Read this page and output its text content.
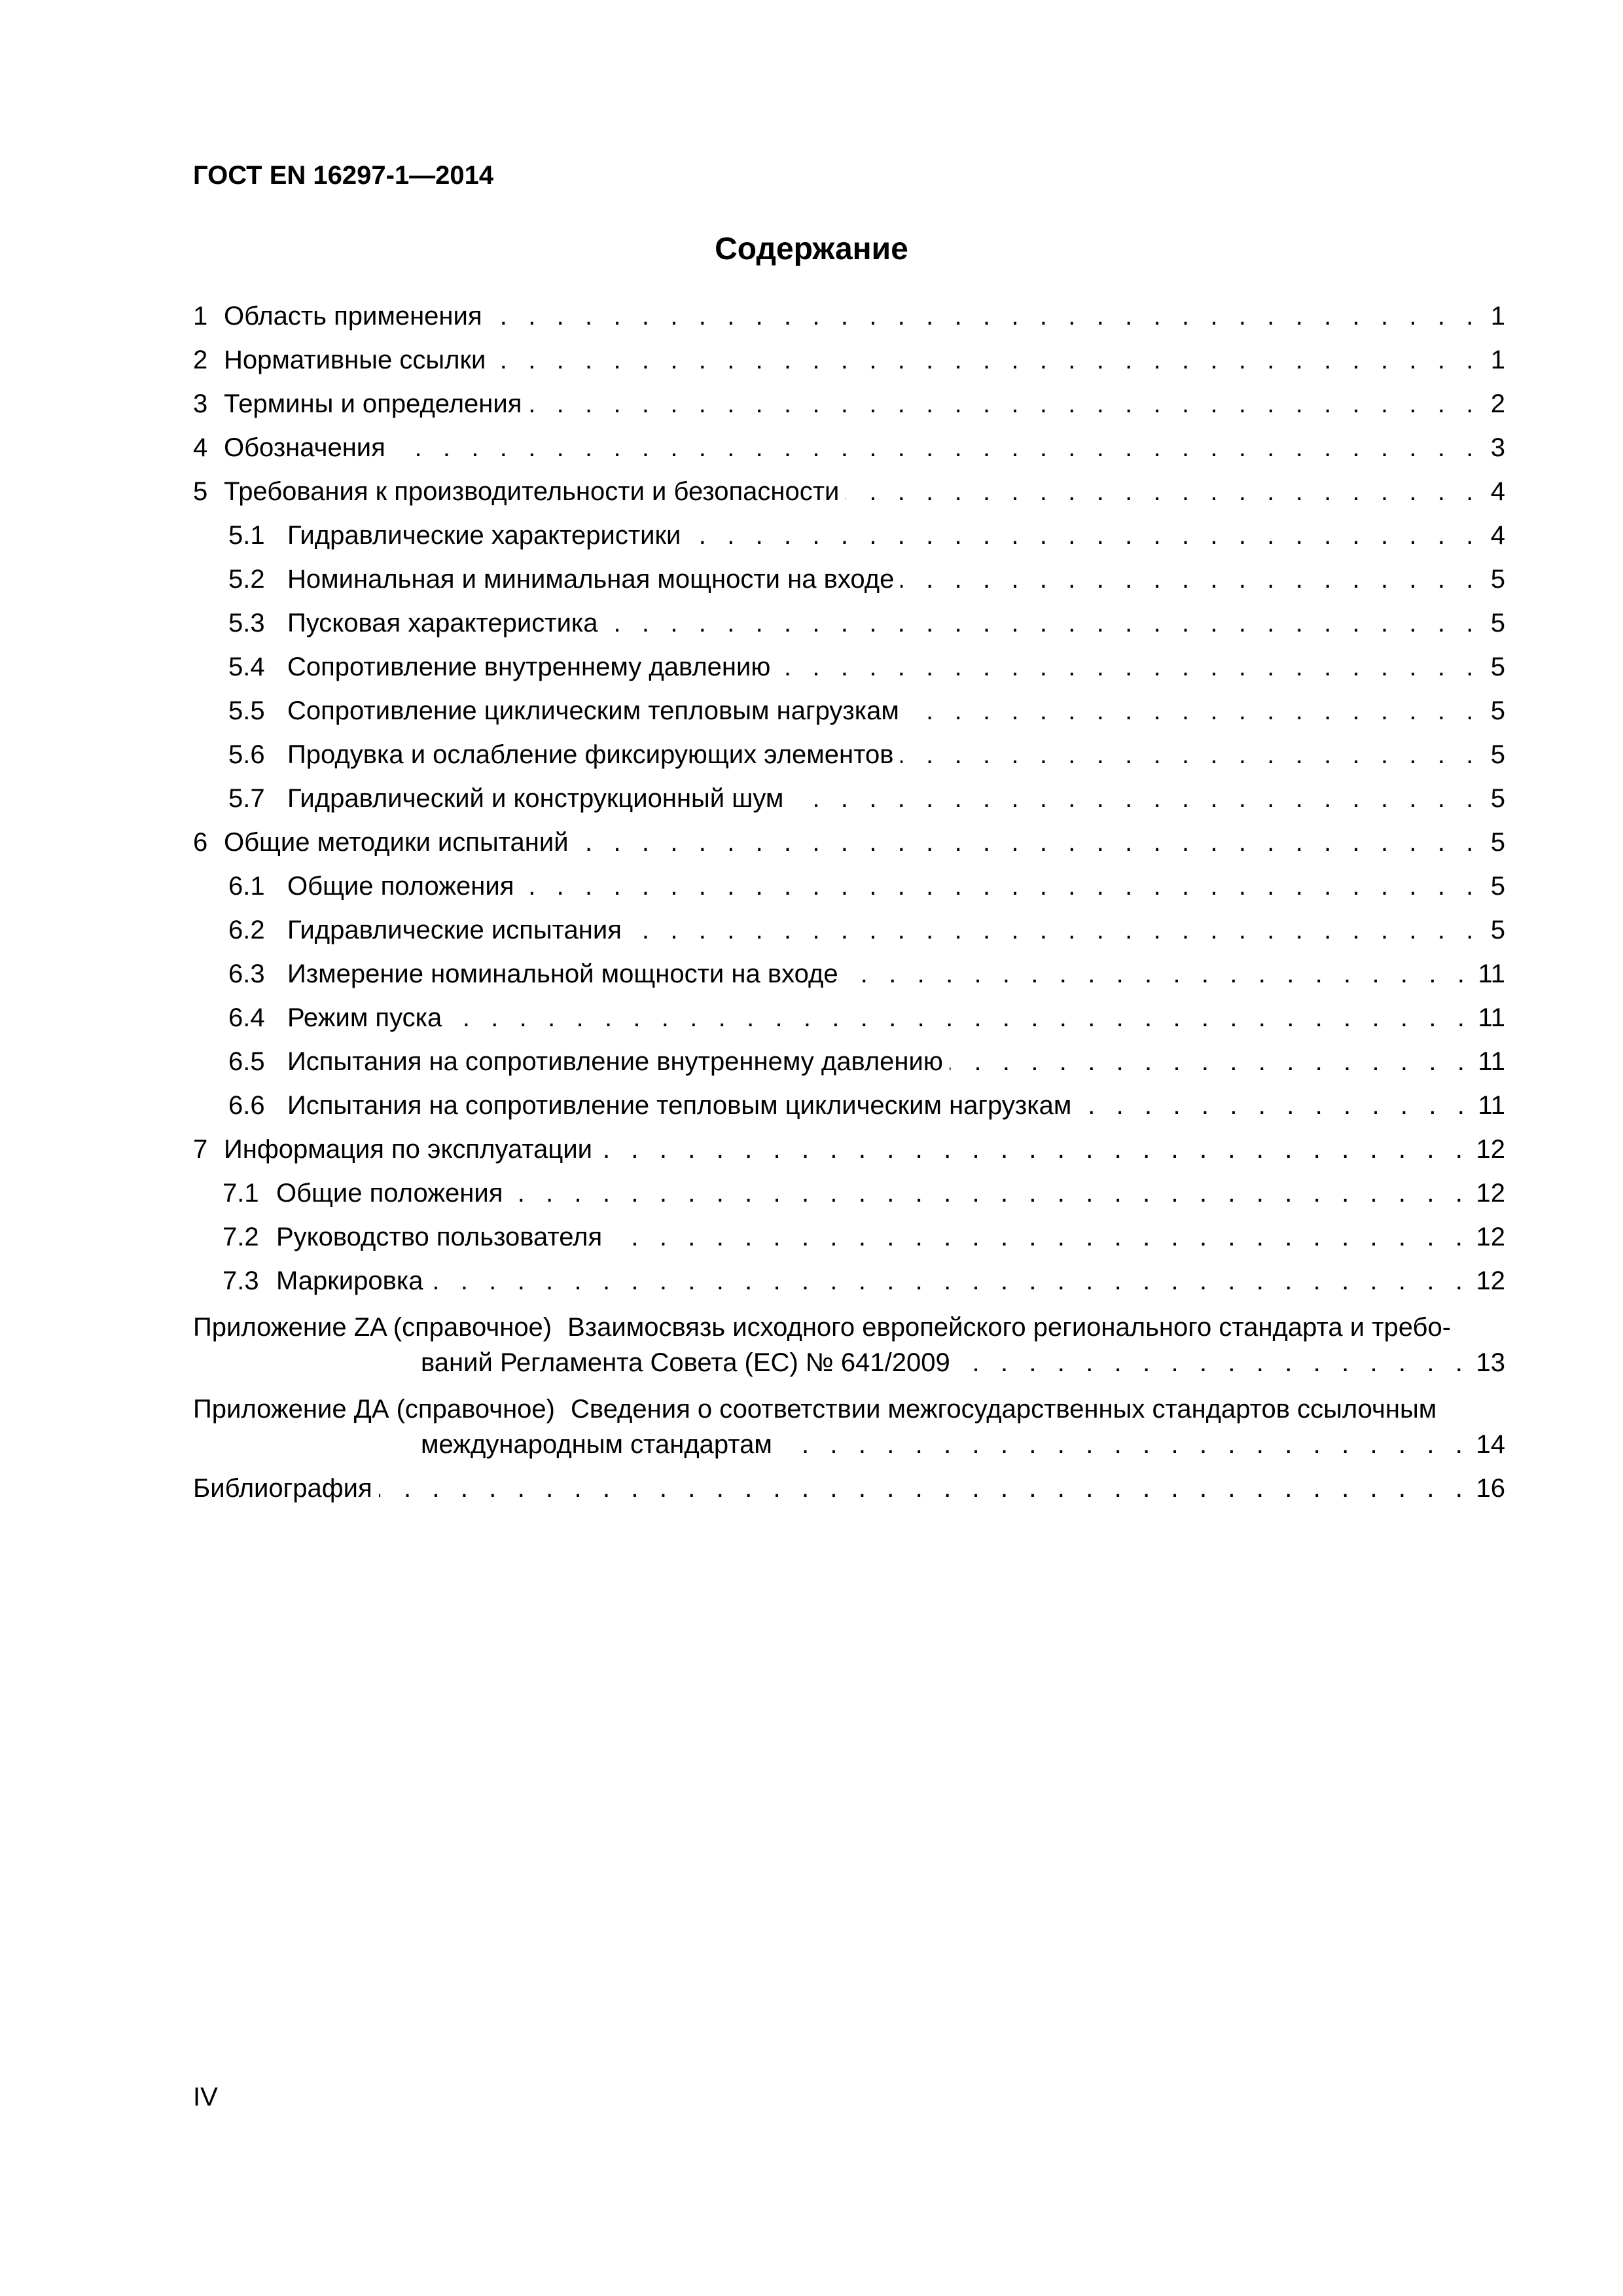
ГОСТ EN 16297-1—2014
Содержание
1 Область применения . . .	1
2 Нормативные ссылки . . .	1
3 Термины и определения . . .	2
4 Обозначения . . .	3
5 Требования к производительности и безопасности . . .	4
5.1 Гидравлические характеристики . . .	4
5.2 Номинальная и минимальная мощности на входе . . .	5
5.3 Пусковая характеристика . . .	5
5.4 Сопротивление внутреннему давлению . . .	5
5.5 Сопротивление циклическим тепловым нагрузкам . . .	5
5.6 Продувка и ослабление фиксирующих элементов . . .	5
5.7 Гидравлический и конструкционный шум . . .	5
6 Общие методики испытаний . . .	5
6.1 Общие положения . . .	5
6.2 Гидравлические испытания . . .	5
6.3 Измерение номинальной мощности на входе . . .	11
6.4 Режим пуска . . .	11
6.5 Испытания на сопротивление внутреннему давлению . . .	11
6.6 Испытания на сопротивление тепловым циклическим нагрузкам . . .	11
7 Информация по эксплуатации . . .	12
7.1 Общие положения . . .	12
7.2 Руководство пользователя . . .	12
7.3 Маркировка . . .	12
Приложение ZA (справочное) Взаимосвязь исходного европейского регионального стандарта и требо-
ваний Регламента Совета (ЕС) № 641/2009 . . .	13
Приложение ДА (справочное) Сведения о соответствии межгосударственных стандартов ссылочным
международным стандартам . . .	14
Библиография . . .	16
IV
